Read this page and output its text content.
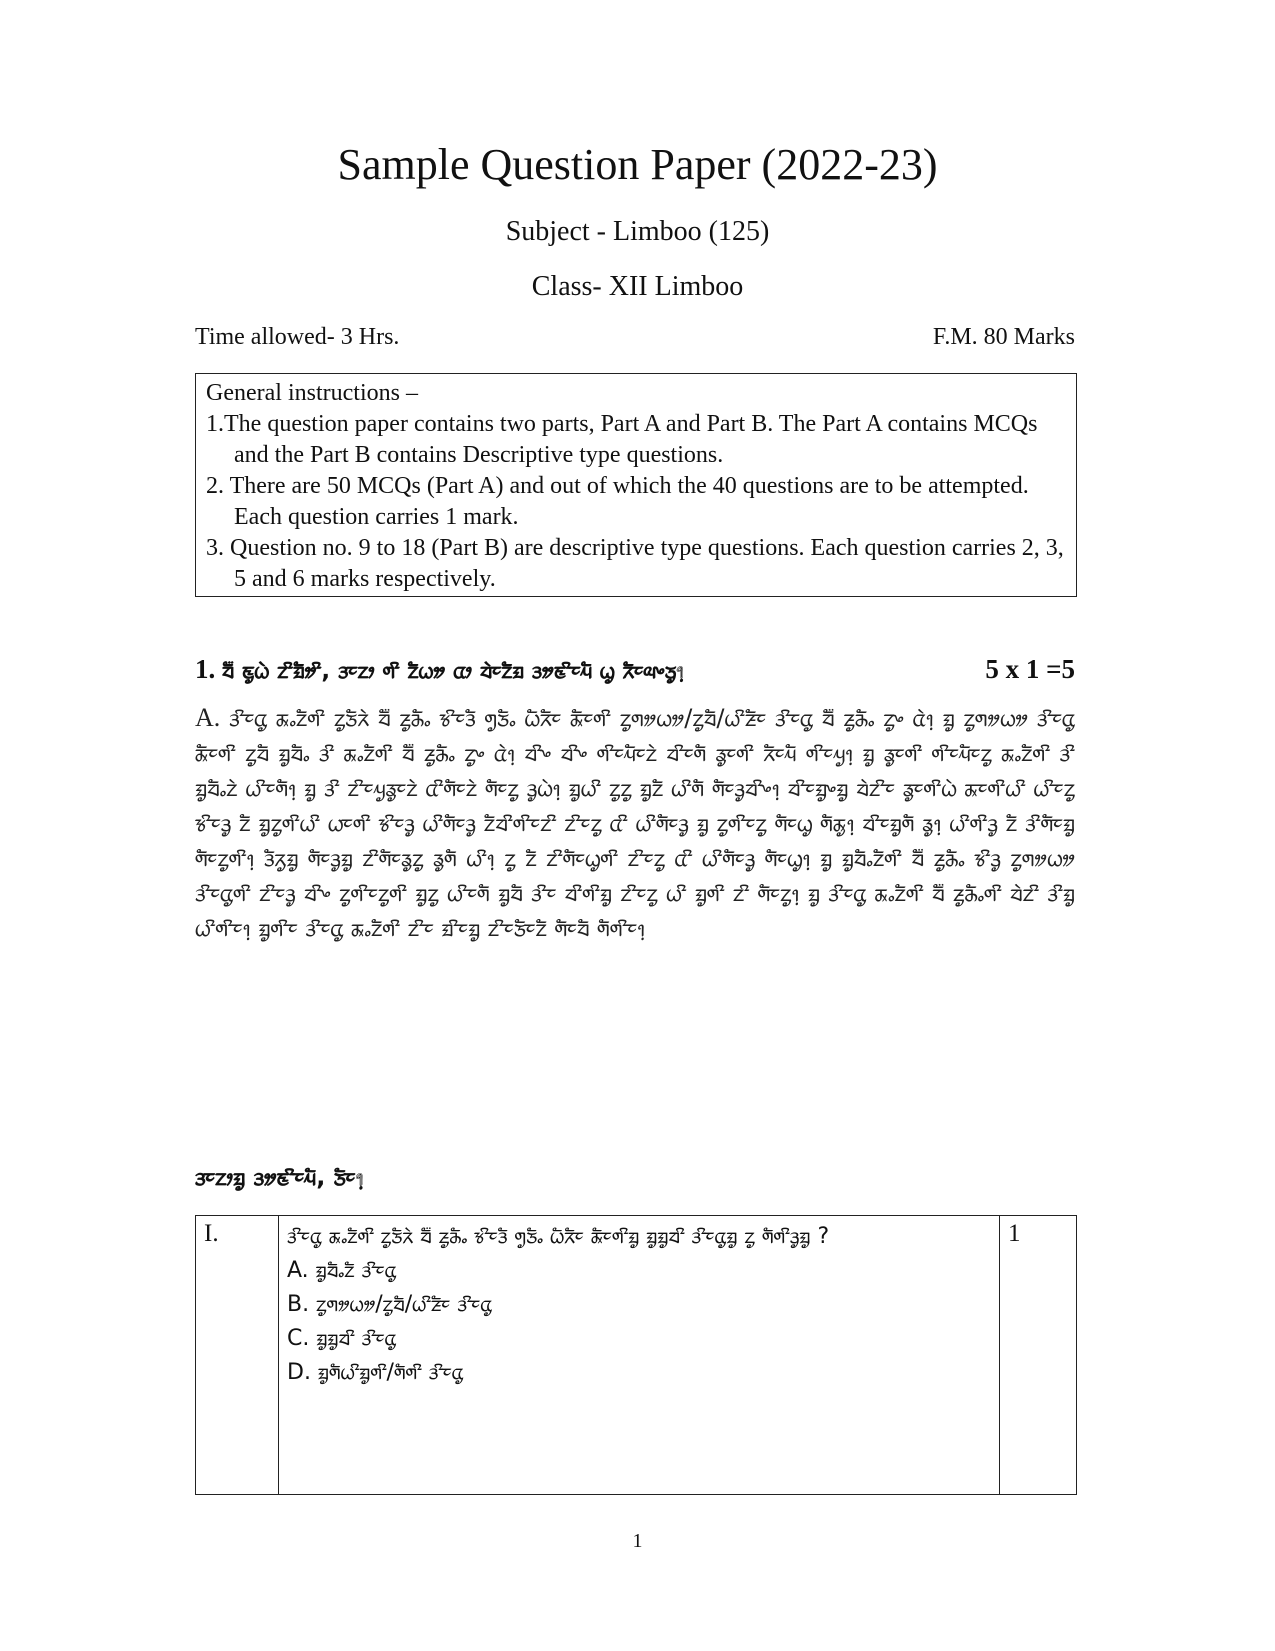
Sample Question Paper (2022-23)
Subject - Limboo (125)
Class- XII Limboo
Time allowed- 3 Hrs.	F.M. 80 Marks

General instructions –

1.The question paper contains two parts, Part A and Part B. The Part A contains MCQs and the Part B contains Descriptive type questions.
2. There are 50 MCQs (Part A) and out of which the 40 questions are to be attempted. Each question carries 1 mark.
3. Question no. 9 to 18 (Part B) are descriptive type questions. Each question carries 2, 3, 5 and 6 marks respectively.
1. ᤔᤠ᤺ ᤇᤢᤐᤧ ᤁᤡᤀᤦᤡ, ᤋᤰᤁᤣ ᤛᤡ ᤁᤠᤐᤤ ᤂᤣ ᤔᤧᤰᤁᤠᤀ ᤋᤤᤇᤡᤰᤘᤠ ᤐᤢ ᤖᤠᤰᤓᤴᤍᤢ᥄	5 x 1 =5
A. ᤋᤡᤰᤂᤢ ᤊᤱᤁᤠᤛᤡ ᤁᤢᤍᤠᤖᤧ ᤔᤠ᤺ ᤏᤢᤌᤠᤱ ᤃᤡᤰᤋᤠ ᤛᤢᤍᤠᤱ ᤐᤠᤖᤠᤰ ᤊᤠᤰᤛᤡ ᤁᤢᤛᤤᤐᤤ/ᤁᤢᤔᤠ/ᤐᤡᤏᤠᤰ ᤋᤡᤰᤂᤢ ᤔᤠ᤺ ᤏᤢᤌᤠᤱ ᤁᤢᤴ ᤂᤧ᥄ ᤀᤢ ᤁᤢᤛᤤᤐᤤ ᤋᤡᤰᤂᤢ ᤊᤠᤰᤛᤡ ᤁᤢᤔᤠ ᤀᤢᤔᤠᤱ ᤋᤡ ᤊᤱᤁᤠᤛᤡ ᤔᤠ᤺ ᤏᤢᤌᤠᤱ ᤁᤢᤴ ᤂᤧ᥄ ᤔᤡᤴ ᤔᤡᤴ ᤛᤡᤰᤘᤠᤰᤁᤧ ᤔᤡᤰᤛᤠ ᤕᤢᤰᤛᤡ ᤖᤠᤰᤘᤠ ᤛᤡᤰᤘᤢ᥄ ᤀᤢ ᤕᤢᤰᤛᤡ ᤛᤡᤰᤘᤠᤰᤁᤢ ᤊᤱᤁᤠᤛᤡ ᤋᤡ ᤀᤢᤔᤠᤱᤁᤧ ᤐᤡᤰᤛᤠ᥄ ᤀᤢ ᤋᤡ ᤁᤡᤰᤘᤢᤕᤢᤰᤁᤧ ᤂᤡᤛᤠᤰᤁᤧ ᤛᤠᤰᤁᤢ ᤋᤢᤐᤧ᥄ ᤀᤢᤐᤡ ᤁᤢᤁᤢ ᤀᤢᤁᤠ ᤐᤡᤛᤠ ᤛᤠᤰᤋᤢᤔᤡᤴ᥄ ᤔᤡᤰᤀᤢᤴᤀᤢ ᤔᤧᤁᤡᤰ ᤕᤢᤰᤛᤡᤐᤧ ᤊᤰᤛᤡᤐᤡ ᤐᤡᤰᤁᤢ ᤃᤡᤰᤋᤢ ᤁᤠ ᤀᤢᤁᤢᤛᤡᤐᤡ ᤐᤰᤛᤡ ᤃᤡᤰᤋᤢ ᤐᤡᤛᤠᤰᤋᤢ ᤁᤠᤔᤡᤛᤡᤰᤁᤡ ᤁᤡᤰᤁᤢ ᤂᤡ ᤐᤡᤛᤠᤰᤋᤢ ᤀᤢ ᤁᤢᤛᤡᤰᤁᤢ ᤛᤠᤰᤐᤢ ᤛᤠᤊᤢ᥄ ᤔᤡᤰᤀᤢᤛᤠ ᤕᤢ᥄ ᤐᤡᤛᤡᤋᤢ ᤁᤠ ᤋᤡᤛᤠᤰᤀᤢ ᤛᤠᤰᤁᤢᤛᤡ᥄ ᤋᤠᤖᤢᤀᤢ ᤛᤠᤰᤋᤢᤀᤢ ᤁᤡᤛᤠᤰᤕᤢᤁᤢ ᤕᤢᤛᤠ ᤐᤡ᥄ ᤁᤢ ᤁᤠ ᤁᤡᤛᤠᤰᤐᤢᤛᤡ ᤁᤡᤰᤁᤢ ᤂᤡ ᤐᤡᤛᤠᤰᤋᤢ ᤛᤠᤰᤐᤢ᥄ ᤀᤢ ᤀᤢᤔᤠᤱᤁᤠᤛᤡ ᤔᤠ᤺ ᤏᤢᤌᤠᤱ ᤃᤡᤋᤢ ᤁᤢᤛᤤᤐᤤ ᤋᤡᤰᤂᤢᤛᤡ ᤁᤡᤰᤋᤢ ᤔᤡᤴ ᤁᤢᤛᤡᤰᤁᤢᤛᤡ ᤀᤢᤁᤢ ᤐᤡᤰᤛᤠ ᤀᤢᤔᤠ ᤋᤡᤰ ᤔᤡᤛᤡᤀᤢ ᤁᤡᤰᤁᤢ ᤐᤡ ᤀᤢᤛᤡ ᤁᤡ ᤛᤠᤰᤁᤢ᥄ ᤀᤢ ᤋᤡᤰᤂᤢ ᤊᤱᤁᤠᤛᤡ ᤔᤠ᤺ ᤏᤢᤌᤠᤱᤛᤡ ᤔᤧᤁᤡ ᤋᤡᤀᤢ ᤐᤡᤛᤡᤰ᥄ ᤀᤢᤛᤡᤰ ᤋᤡᤰᤂᤢ ᤊᤱᤁᤠᤛᤡ ᤁᤡᤰ ᤀᤡᤰᤀᤢ ᤁᤡᤰᤍᤠᤰᤁᤠ ᤛᤠᤰᤔᤠ ᤛᤠᤛᤡᤰ᥄
ᤋᤰᤁᤣᤀᤢ ᤋᤤᤇᤡᤰᤘᤠ, ᤍᤠᤰ᥄
I.	ᤋᤡᤰᤂᤢ ᤊᤱᤁᤠᤛᤡ ᤁᤢᤍᤠᤖᤧ ᤔᤠ᤺ ᤏᤢᤌᤠᤱ ᤃᤡᤰᤋᤠ ᤛᤢᤍᤠᤱ ᤐᤠᤖᤠᤰ ᤊᤠᤰᤛᤡᤀᤢ ᤀᤢᤀᤢᤔᤡ ᤋᤡᤰᤂᤢᤀᤢ ᤁᤢ ᤛᤠᤛᤡᤋᤢᤀᤢ ?
A. ᤀᤢᤔᤠᤱᤁᤠ ᤋᤡᤰᤂᤢ
B. ᤁᤢᤛᤤᤐᤤ/ᤁᤢᤔᤠ/ᤐᤡᤏᤠᤰ ᤋᤡᤰᤂᤢ
C. ᤀᤢᤀᤢᤔᤡ ᤋᤡᤰᤂᤢ
D. ᤀᤢᤛᤠᤐᤡᤀᤢᤛᤡ/ᤛᤠᤛᤡ ᤋᤡᤰᤂᤢ
	1
1
